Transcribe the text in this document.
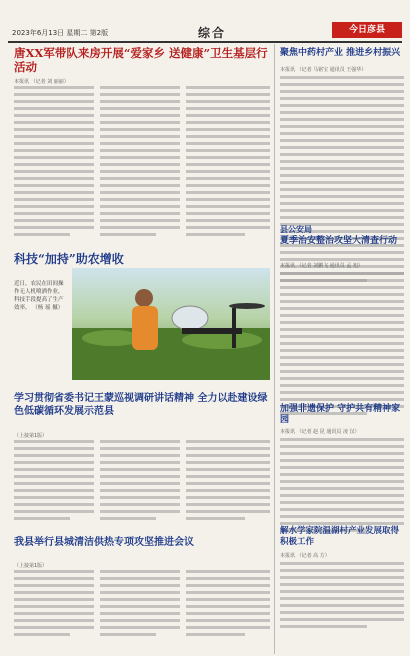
2023年6月13日 星期二 第2版	综合	今日彦县
唐XX军带队来房开展“爱家乡 送健康”卫生基层行活动
本报讯 （记者 刘 丽丽）
聚焦中药村产业 推进乡村振兴
本报讯 （记者 马铭宝 通讯员 王强华）
科技“加持”助农增收
近日，农民在田间操作无人机喷洒作业，科技手段提高了生产效率。 （杨 瑶 摄）
县公安局
夏季治安整治攻坚大清查行动
本报讯 （记者 刘鹏飞 通讯员 孟 旭）
学习贯彻省委书记王蒙巡视调研讲话精神 全力以赴建设绿色低碳循环发展示范县
（上接第1版）
加强非遗保护 守护共有精神家园
本报讯 （记者 赵 昆 通讯员 凌 汉）
我县举行县城清洁供热专项攻坚推进会议
（上接第1版）
解水学家院温湖村产业发展取得积极工作
本报讯 （记者 高 方）
